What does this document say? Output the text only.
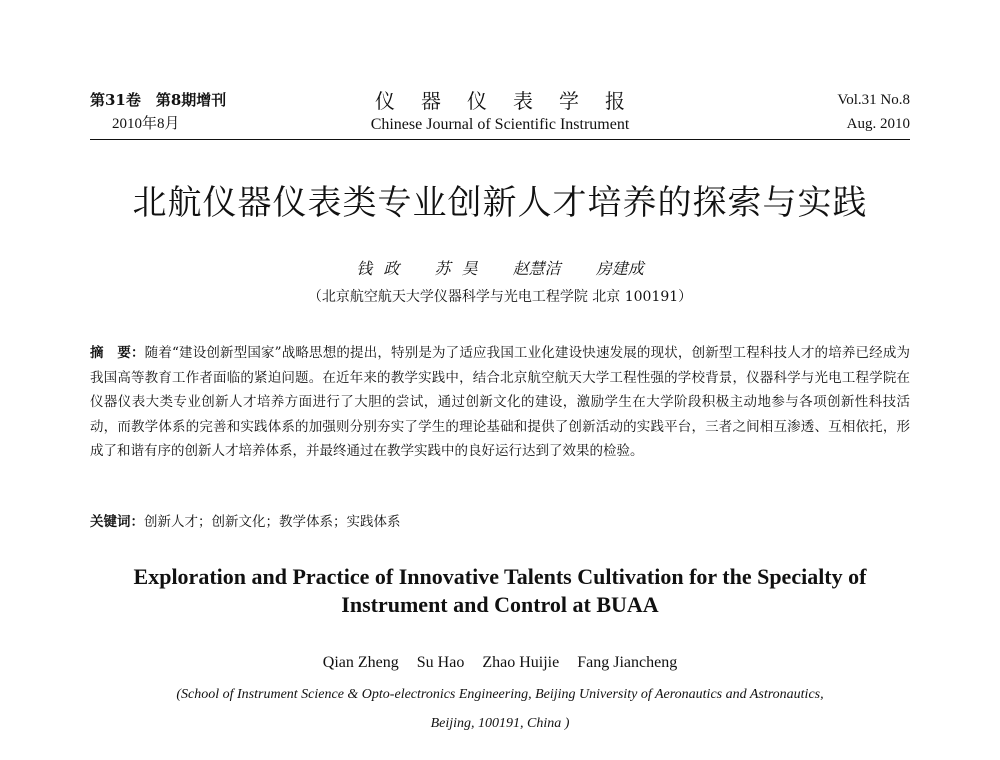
第31卷　第8期增刊
2010年8月
仪器仪表学报
Chinese Journal of Scientific Instrument
Vol.31 No.8
Aug. 2010
北航仪器仪表类专业创新人才培养的探索与实践
钱 政 苏 昊 赵慧洁 房建成
（北京航空航天大学仪器科学与光电工程学院 北京 100191）
摘　要：随着“建设创新型国家”战略思想的提出，特别是为了适应我国工业化建设快速发展的现状，创新型工程科技人才的培养已经成为我国高等教育工作者面临的紧迫问题。在近年来的教学实践中，结合北京航空航天大学工程性强的学校背景，仪器科学与光电工程学院在仪器仪表大类专业创新人才培养方面进行了大胆的尝试，通过创新文化的建设，激励学生在大学阶段积极主动地参与各项创新性科技活动，而教学体系的完善和实践体系的加强则分别夯实了学生的理论基础和提供了创新活动的实践平台，三者之间相互渗透、互相依托，形成了和谐有序的创新人才培养体系，并最终通过在教学实践中的良好运行达到了效果的检验。
关键词：创新人才；创新文化；教学体系；实践体系
Exploration and Practice of Innovative Talents Cultivation for the Specialty of
Instrument and Control at BUAA
Qian Zheng Su Hao Zhao Huijie Fang Jiancheng
(School of Instrument Science & Opto-electronics Engineering, Beijing University of Aeronautics and Astronautics,
Beijing, 100191, China )
